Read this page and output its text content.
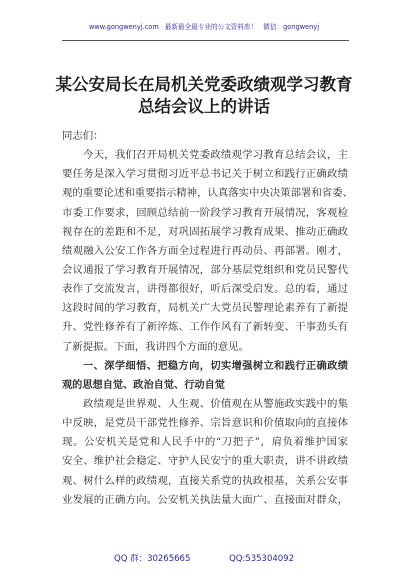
www.gongwenyj.com 最新最全最专业的公文资料库！ 微信：gongwenyj
某公安局长在局机关党委政绩观学习教育
总结会议上的讲话
同志们：
今天，我们召开局机关党委政绩观学习教育总结会议，主
要任务是深入学习贯彻习近平总书记关于树立和践行正确政绩
观的重要论述和重要指示精神，认真落实中央决策部署和省委、
市委工作要求，回顾总结前一阶段学习教育开展情况，客观检
视存在的差距和不足，对巩固拓展学习教育成果、推动正确政
绩观融入公安工作各方面全过程进行再动员、再部署。刚才，
会议通报了学习教育开展情况，部分基层党组织和党员民警代
表作了交流发言，讲得都很好，听后深受启发。总的看，通过
这段时间的学习教育，局机关广大党员民警理论素养有了新提
升、党性修养有了新淬炼、工作作风有了新转变、干事劲头有
了新提振。下面，我讲四个方面的意见。
一、深学细悟、把稳方向，切实增强树立和践行正确政绩
观的思想自觉、政治自觉、行动自觉
政绩观是世界观、人生观、价值观在从警施政实践中的集
中反映，是党员干部党性修养、宗旨意识和价值取向的直接体
现。公安机关是党和人民手中的“刀把子”，肩负着维护国家
安全、维护社会稳定、守护人民安宁的重大职责，讲不讲政绩
观、树什么样的政绩观，直接关系党的执政根基，关系公安事
业发展的正确方向。公安机关执法量大面广、直接面对群众，
QQ 群：30265665	QQ:535304092
